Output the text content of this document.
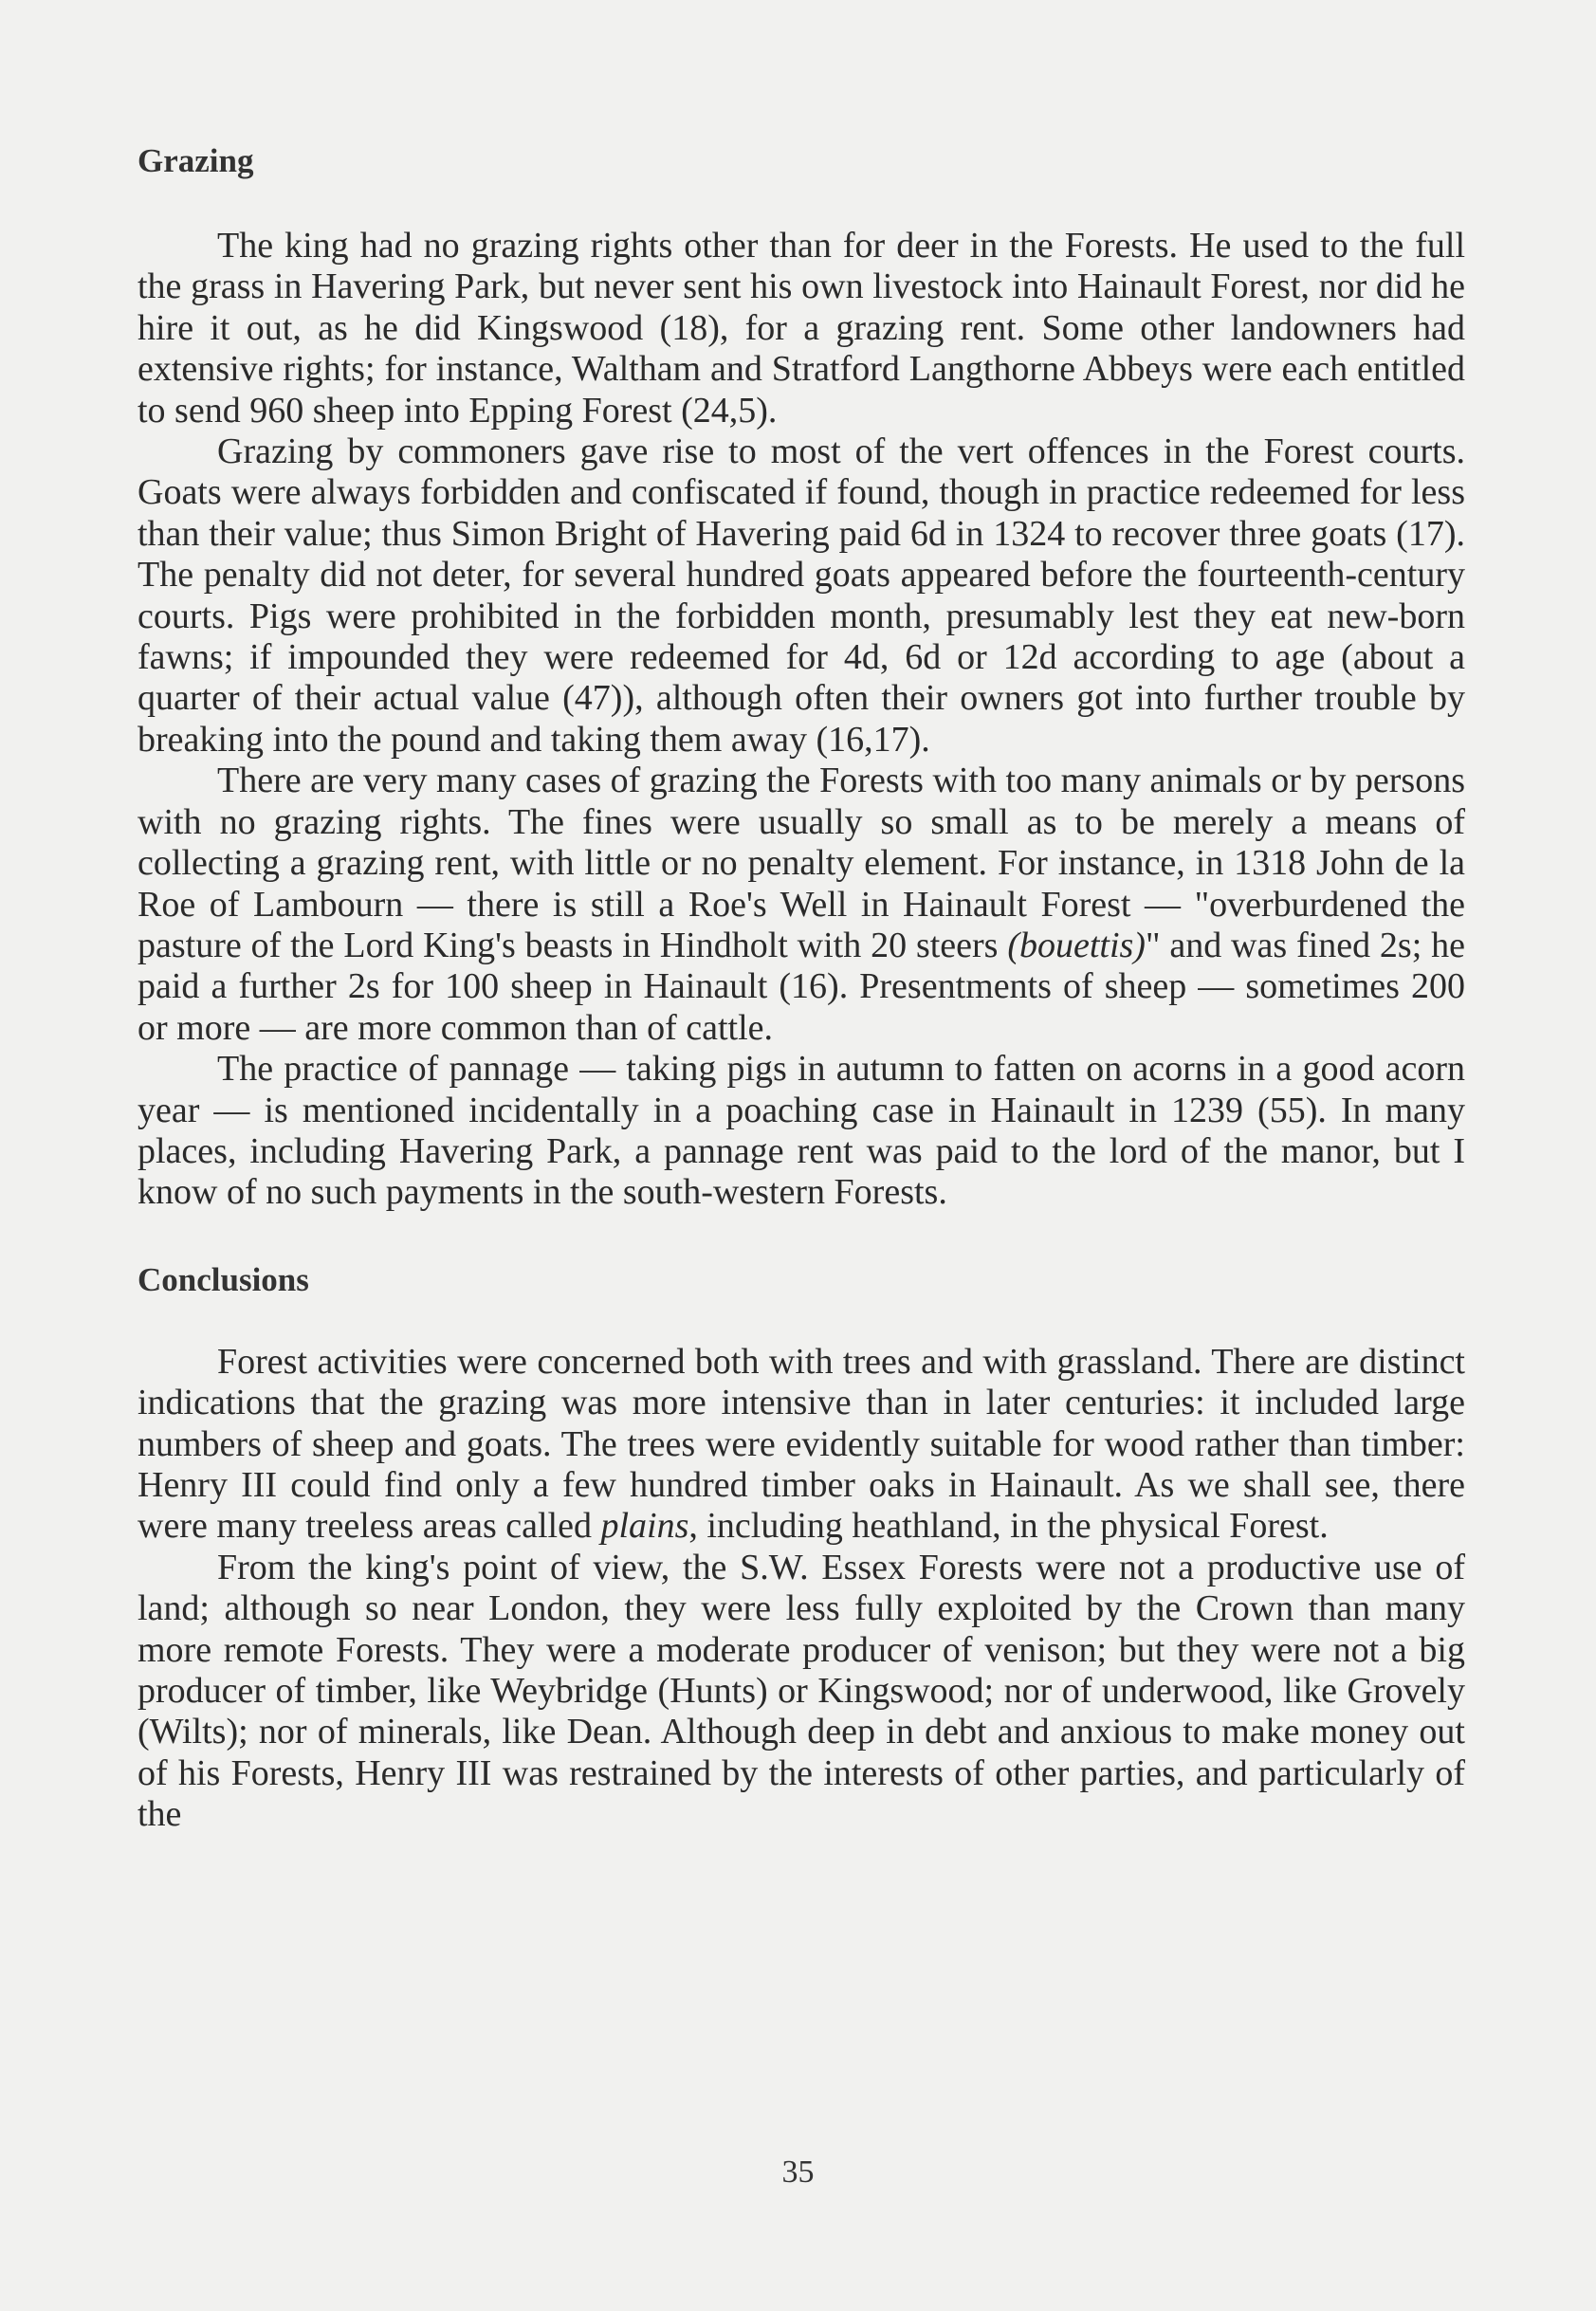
Grazing

The king had no grazing rights other than for deer in the Forests. He used to the full the grass in Havering Park, but never sent his own livestock into Hainault Forest, nor did he hire it out, as he did Kingswood (18), for a grazing rent. Some other landowners had extensive rights; for instance, Waltham and Stratford Langthorne Abbeys were each entitled to send 960 sheep into Epping Forest (24,5).

Grazing by commoners gave rise to most of the vert offences in the Forest courts. Goats were always forbidden and confiscated if found, though in practice redeemed for less than their value; thus Simon Bright of Havering paid 6d in 1324 to recover three goats (17). The penalty did not deter, for several hundred goats appeared before the fourteenth-century courts. Pigs were prohibited in the forbidden month, presumably lest they eat new-born fawns; if impounded they were redeemed for 4d, 6d or 12d according to age (about a quarter of their actual value (47)), although often their owners got into further trouble by breaking into the pound and taking them away (16,17).

There are very many cases of grazing the Forests with too many animals or by persons with no grazing rights. The fines were usually so small as to be merely a means of collecting a grazing rent, with little or no penalty element. For instance, in 1318 John de la Roe of Lambourn — there is still a Roe's Well in Hainault Forest — "overburdened the pasture of the Lord King's beasts in Hindholt with 20 steers (bouettis)" and was fined 2s; he paid a further 2s for 100 sheep in Hainault (16). Presentments of sheep — sometimes 200 or more — are more common than of cattle.

The practice of pannage — taking pigs in autumn to fatten on acorns in a good acorn year — is mentioned incidentally in a poaching case in Hainault in 1239 (55). In many places, including Havering Park, a pannage rent was paid to the lord of the manor, but I know of no such payments in the south-western Forests.

Conclusions

Forest activities were concerned both with trees and with grassland. There are distinct indications that the grazing was more intensive than in later centuries: it included large numbers of sheep and goats. The trees were evidently suitable for wood rather than timber: Henry III could find only a few hundred timber oaks in Hainault. As we shall see, there were many treeless areas called plains, including heathland, in the physical Forest.

From the king's point of view, the S.W. Essex Forests were not a productive use of land; although so near London, they were less fully exploited by the Crown than many more remote Forests. They were a moderate producer of venison; but they were not a big producer of timber, like Weybridge (Hunts) or Kingswood; nor of underwood, like Grovely (Wilts); nor of minerals, like Dean. Although deep in debt and anxious to make money out of his Forests, Henry III was restrained by the interests of other parties, and particularly of the

35
